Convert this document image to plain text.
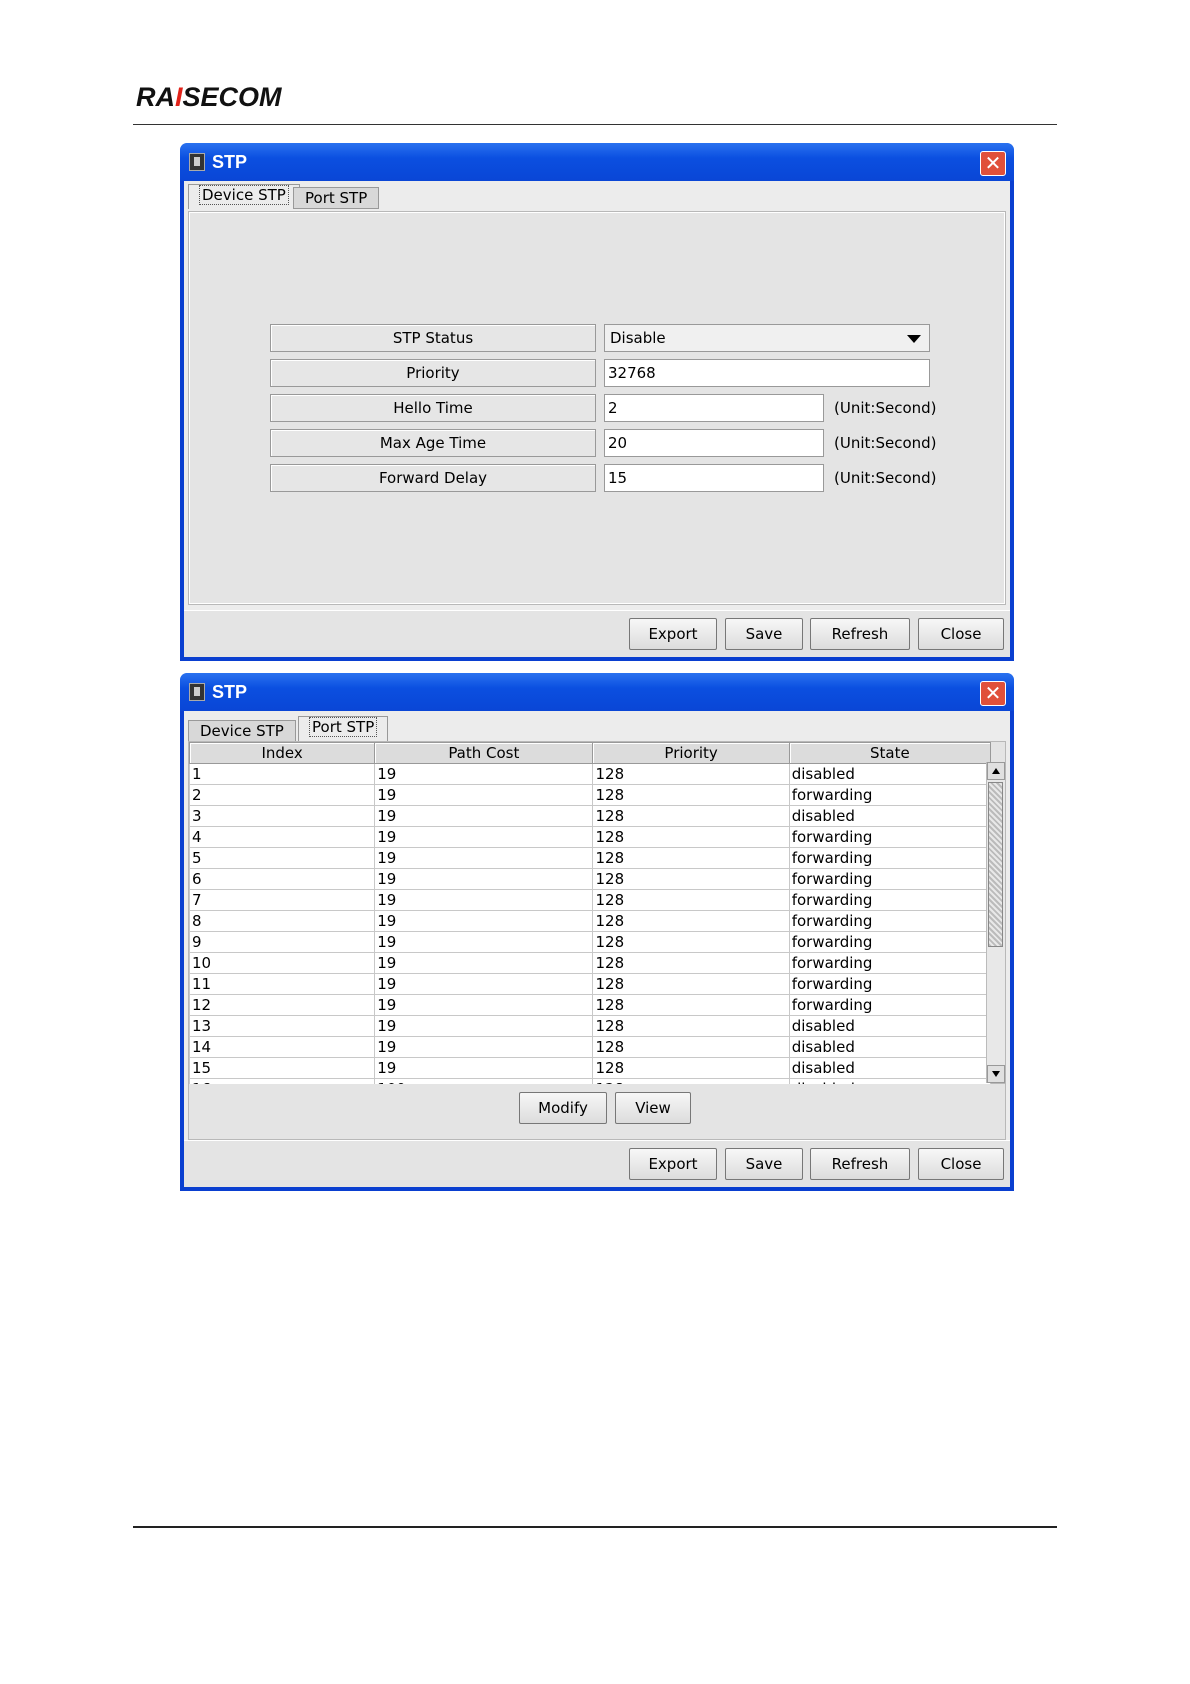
RAISECOM
STP	✕
Device STP	Port STP
STP Status	Disable
Priority	32768
Hello Time	2	(Unit:Second)
Max Age Time	20	(Unit:Second)
Forward Delay	15	(Unit:Second)
Export	Save	Refresh	Close
STP	✕
Device STP	Port STP
Index	Path Cost	Priority	State
1	19	128	disabled
2	19	128	forwarding
3	19	128	disabled
4	19	128	forwarding
5	19	128	forwarding
6	19	128	forwarding
7	19	128	forwarding
8	19	128	forwarding
9	19	128	forwarding
10	19	128	forwarding
11	19	128	forwarding
12	19	128	forwarding
13	19	128	disabled
14	19	128	disabled
15	19	128	disabled

Modify	View
Export	Save	Refresh	Close
